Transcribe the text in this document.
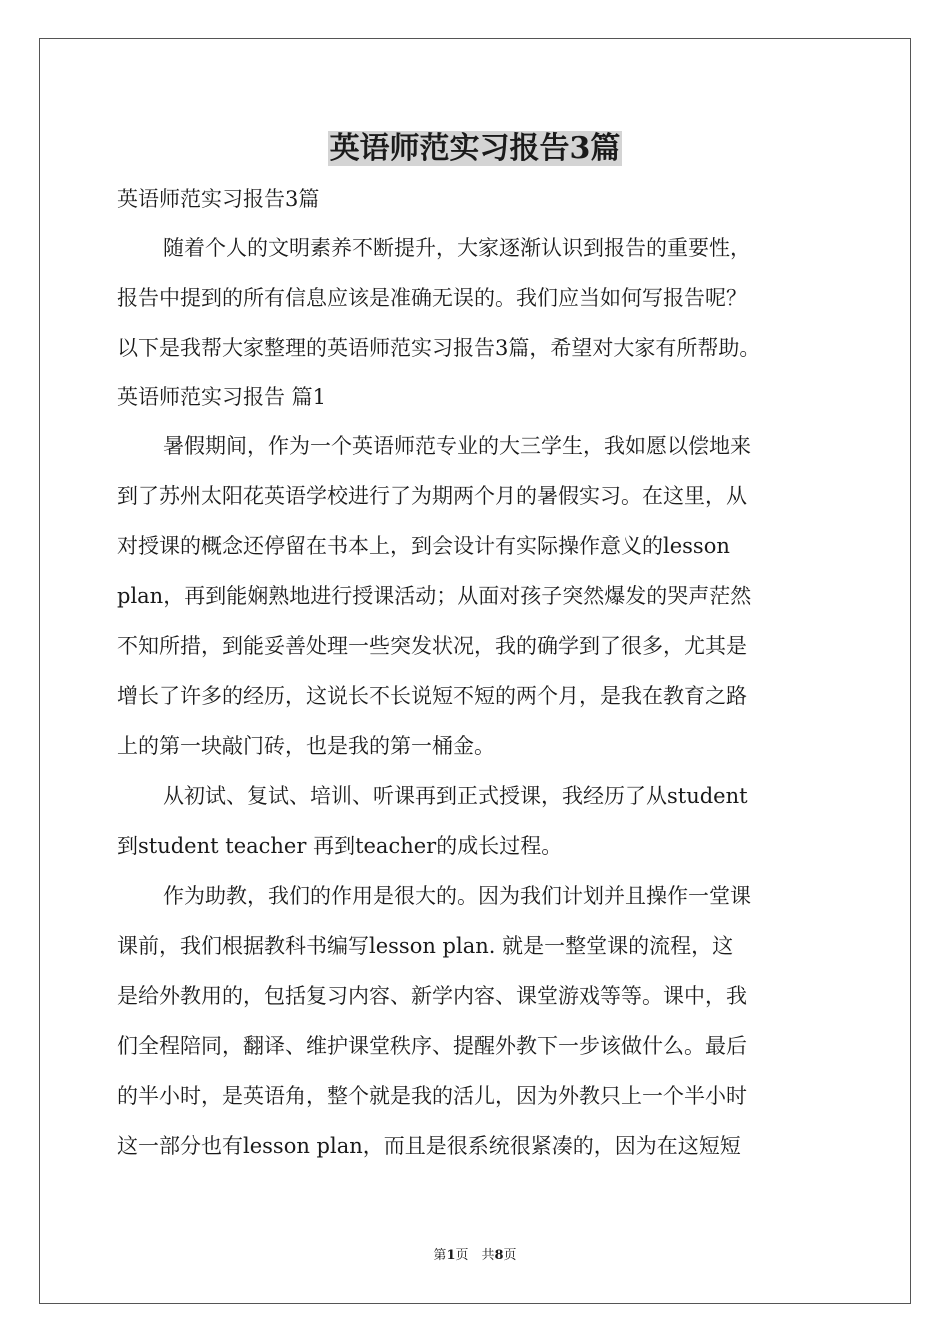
英语师范实习报告3篇

英语师范实习报告3篇

随着个人的文明素养不断提升，大家逐渐认识到报告的重要性，

报告中提到的所有信息应该是准确无误的。我们应当如何写报告呢？

以下是我帮大家整理的英语师范实习报告3篇，希望对大家有所帮助。

英语师范实习报告 篇1

暑假期间，作为一个英语师范专业的大三学生，我如愿以偿地来

到了苏州太阳花英语学校进行了为期两个月的暑假实习。在这里，从

对授课的概念还停留在书本上，到会设计有实际操作意义的lesson

plan，再到能娴熟地进行授课活动；从面对孩子突然爆发的哭声茫然

不知所措，到能妥善处理一些突发状况，我的确学到了很多，尤其是

增长了许多的经历，这说长不长说短不短的两个月，是我在教育之路

上的第一块敲门砖，也是我的第一桶金。

从初试、复试、培训、听课再到正式授课，我经历了从student

到student teacher 再到teacher的成长过程。

作为助教，我们的作用是很大的。因为我们计划并且操作一堂课

课前，我们根据教科书编写lesson plan. 就是一整堂课的流程，这

是给外教用的，包括复习内容、新学内容、课堂游戏等等。课中，我

们全程陪同，翻译、维护课堂秩序、提醒外教下一步该做什么。最后

的半小时，是英语角，整个就是我的活儿，因为外教只上一个半小时

这一部分也有lesson plan，而且是很系统很紧凑的，因为在这短短

第1页　共8页
